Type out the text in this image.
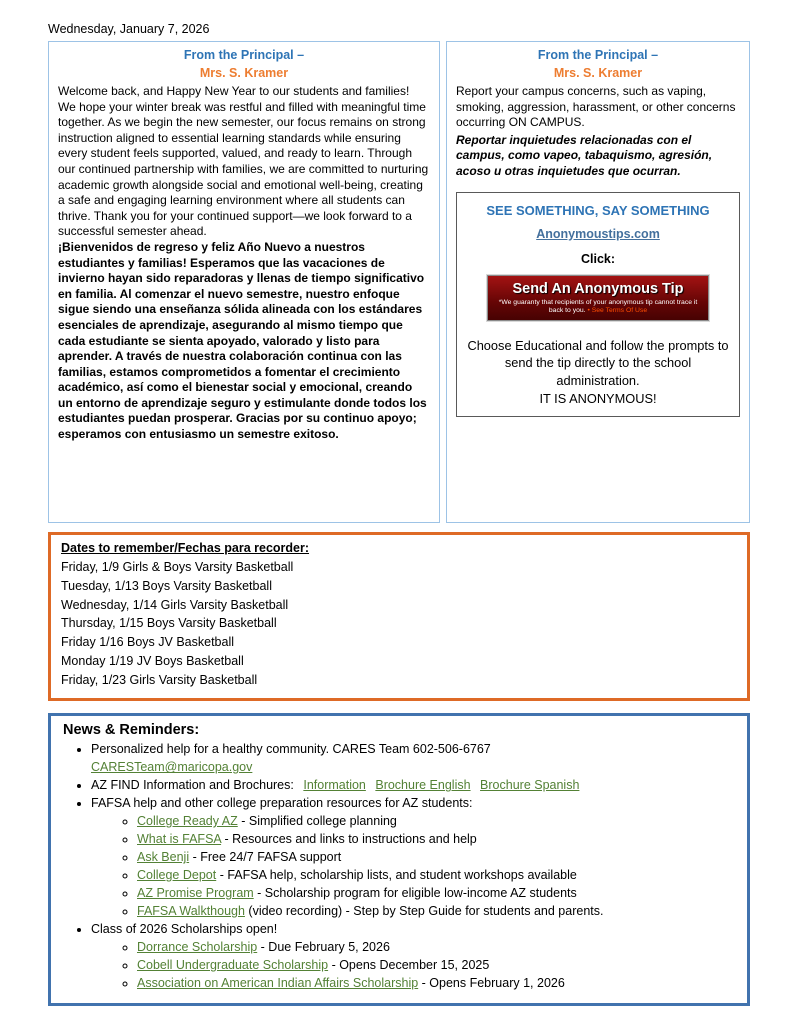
Wednesday, January 7, 2026
From the Principal –
Mrs. S. Kramer

Welcome back, and Happy New Year to our students and families! We hope your winter break was restful and filled with meaningful time together. As we begin the new semester, our focus remains on strong instruction aligned to essential learning standards while ensuring every student feels supported, valued, and ready to learn. Through our continued partnership with families, we are committed to nurturing academic growth alongside social and emotional well-being, creating a safe and engaging learning environment where all students can thrive. Thank you for your continued support—we look forward to a successful semester ahead.

¡Bienvenidos de regreso y feliz Año Nuevo a nuestros estudiantes y familias! Esperamos que las vacaciones de invierno hayan sido reparadoras y llenas de tiempo significativo en familia. Al comenzar el nuevo semestre, nuestro enfoque sigue siendo una enseñanza sólida alineada con los estándares esenciales de aprendizaje, asegurando al mismo tiempo que cada estudiante se sienta apoyado, valorado y listo para aprender. A través de nuestra colaboración continua con las familias, estamos comprometidos a fomentar el crecimiento académico, así como el bienestar social y emocional, creando un entorno de aprendizaje seguro y estimulante donde todos los estudiantes puedan prosperar. Gracias por su continuo apoyo; esperamos con entusiasmo un semestre exitoso.

From the Principal –
Mrs. S. Kramer

Report your campus concerns, such as vaping, smoking, aggression, harassment, or other concerns occurring ON CAMPUS.

Reportar inquietudes relacionadas con el campus, como vapeo, tabaquismo, agresión, acoso u otras inquietudes que ocurran.

SEE SOMETHING, SAY SOMETHING
Anonymoustips.com
Click:
Send An Anonymous Tip
*We guaranty that recipients of your anonymous tip cannot trace it back to you. • See Terms Of Use

Choose Educational and follow the prompts to send the tip directly to the school administration.

IT IS ANONYMOUS!

Dates to remember/Fechas para recorder:
Friday, 1/9 Girls & Boys Varsity Basketball
Tuesday, 1/13 Boys Varsity Basketball
Wednesday, 1/14 Girls Varsity Basketball
Thursday, 1/15 Boys Varsity Basketball
Friday 1/16 Boys JV Basketball
Monday 1/19 JV Boys Basketball
Friday, 1/23 Girls Varsity Basketball
News & Reminders:
• Personalized help for a healthy community. CARES Team 602-506-6767
CARESTeam@maricopa.gov
• AZ FIND Information and Brochures: Information Brochure English Brochure Spanish
• FAFSA help and other college preparation resources for AZ students:
◦ College Ready AZ - Simplified college planning
◦ What is FAFSA - Resources and links to instructions and help
◦ Ask Benji - Free 24/7 FAFSA support
◦ College Depot - FAFSA help, scholarship lists, and student workshops available
◦ AZ Promise Program - Scholarship program for eligible low-income AZ students
◦ FAFSA Walkthough (video recording) - Step by Step Guide for students and parents.
• Class of 2026 Scholarships open!
◦ Dorrance Scholarship - Due February 5, 2026
◦ Cobell Undergraduate Scholarship - Opens December 15, 2025
◦ Association on American Indian Affairs Scholarship - Opens February 1, 2026
